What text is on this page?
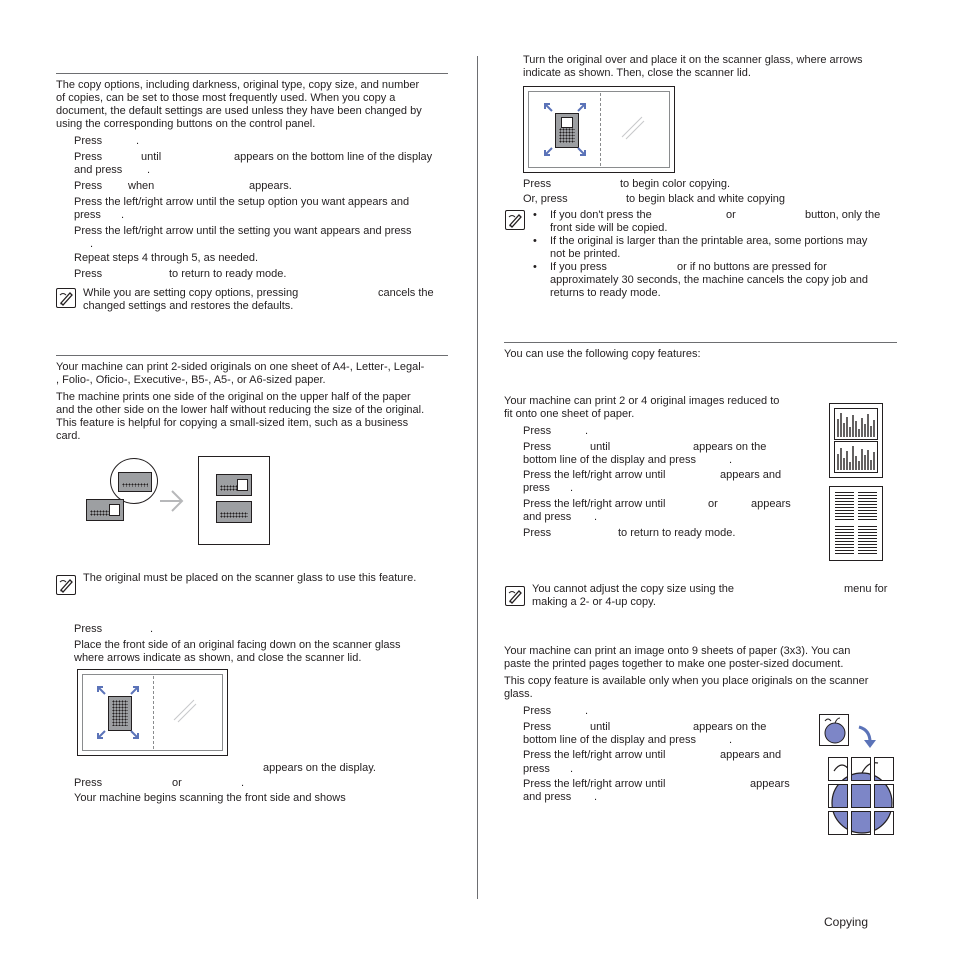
The copy options, including darkness, original type, copy size, and number
of copies, can be set to those most frequently used. When you copy a
document, the default settings are used unless they have been changed by
using the corresponding buttons on the control panel.
Press	.
Press	until	appears on the bottom line of the display
and press .
Press when	appears.
Press the left/right arrow until the setup option you want appears and
press .
Press the left/right arrow until the setting you want appears and press
.
Repeat steps 4 through 5, as needed.
Press	to return to ready mode.
While you are setting copy options, pressing	cancels the
changed settings and restores the defaults.
Your machine can print 2-sided originals on one sheet of A4-, Letter-, Legal-
, Folio-, Oficio-, Executive-, B5-, A5-, or A6-sized paper.
The machine prints one side of the original on the upper half of the paper
and the other side on the lower half without reducing the size of the original.
This feature is helpful for copying a small-sized item, such as a business
card.
The original must be placed on the scanner glass to use this feature.
Press	.
Place the front side of an original facing down on the scanner glass
where arrows indicate as shown, and close the scanner lid.
appears on the display.
Press	or	.
Your machine begins scanning the front side and shows
Turn the original over and place it on the scanner glass, where arrows
indicate as shown. Then, close the scanner lid.
Press	to begin color copying.
Or, press	to begin black and white copying
• If you don't press the	or	button, only the
front side will be copied.
• If the original is larger than the printable area, some portions may
not be printed.
• If you press	or if no buttons are pressed for
approximately 30 seconds, the machine cancels the copy job and
returns to ready mode.
You can use the following copy features:
Your machine can print 2 or 4 original images reduced to
fit onto one sheet of paper.
Press	.
Press	until	appears on the
bottom line of the display and press	.
Press the left/right arrow until	appears and
press .
Press the left/right arrow until	or	appears
and press .
Press	to return to ready mode.
You cannot adjust the copy size using the	menu for
making a 2- or 4-up copy.
Your machine can print an image onto 9 sheets of paper (3x3). You can
paste the printed pages together to make one poster-sized document.
This copy feature is available only when you place originals on the scanner
glass.
Press	.
Press	until	appears on the
bottom line of the display and press	.
Press the left/right arrow until	appears and
press .
Press the left/right arrow until	appears
and press .
Copying
